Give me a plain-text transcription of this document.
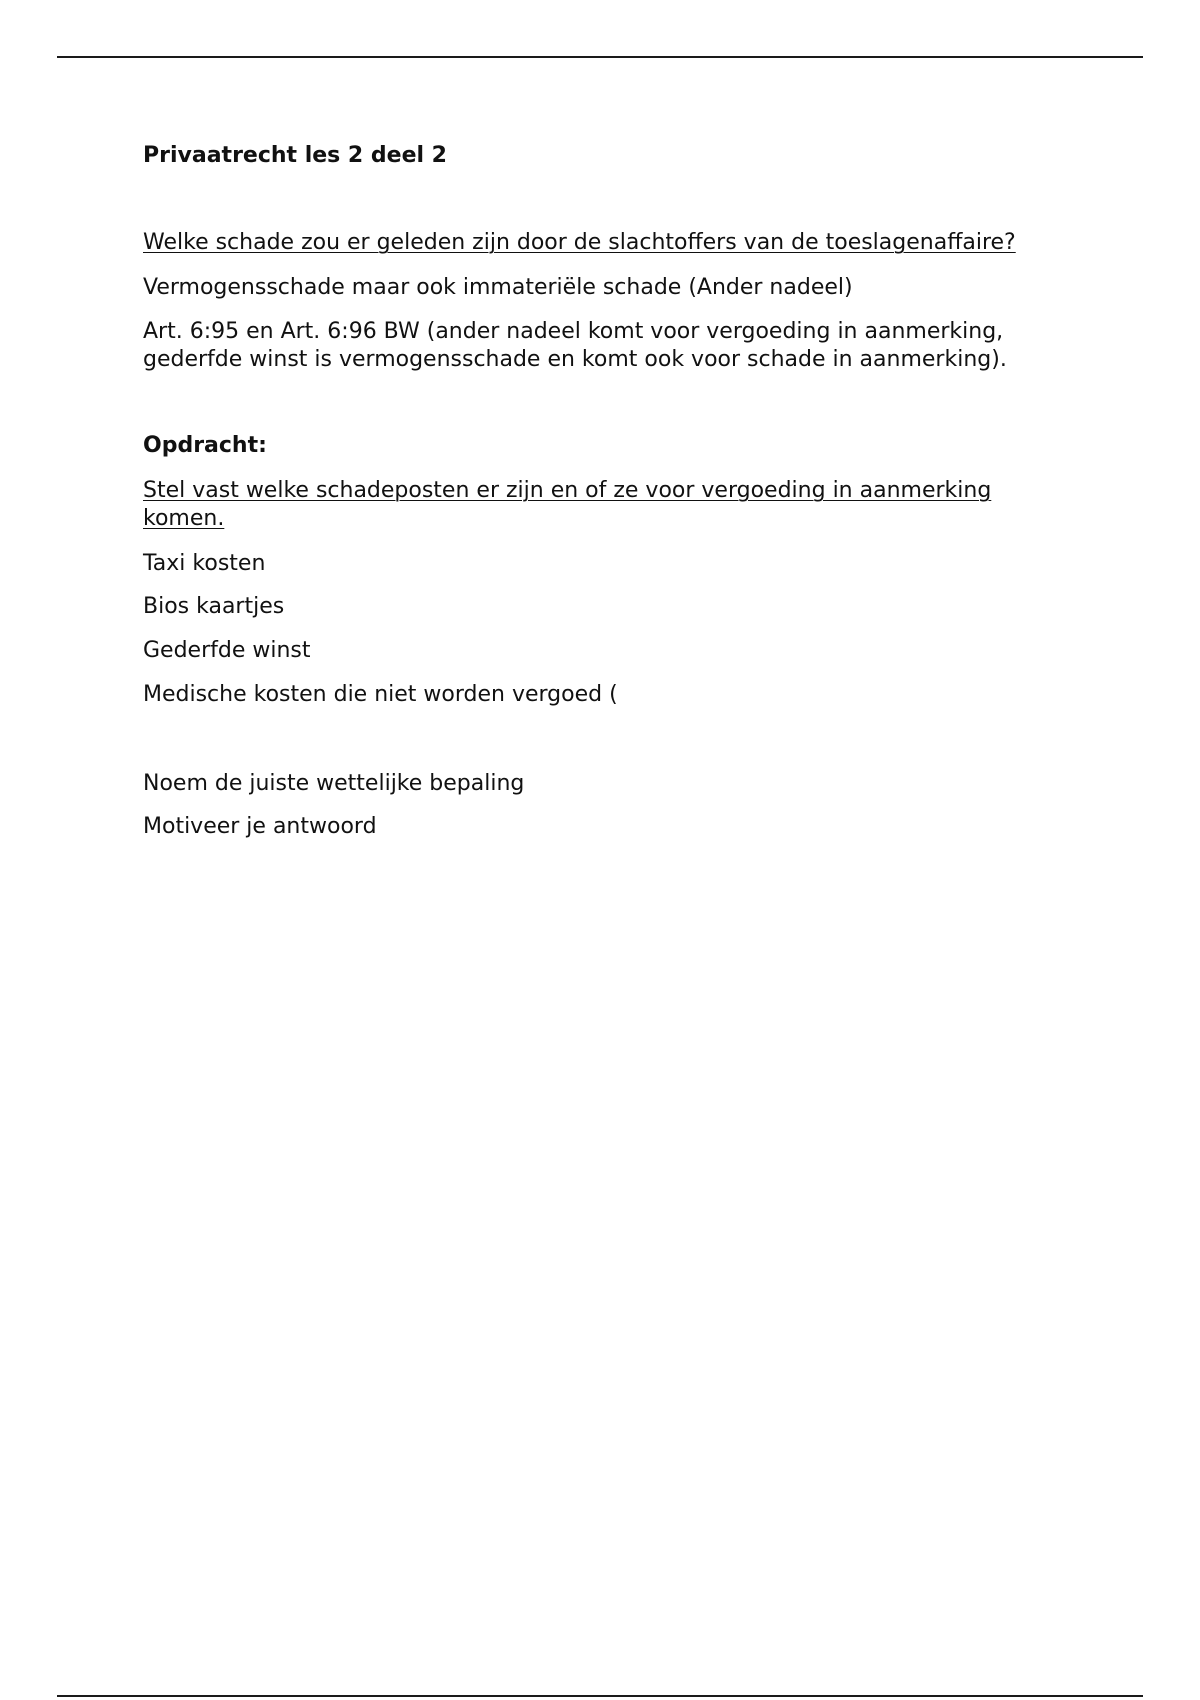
Privaatrecht les 2 deel 2

Welke schade zou er geleden zijn door de slachtoffers van de toeslagenaffaire?

Vermogensschade maar ook immateriële schade (Ander nadeel)

Art. 6:95 en Art. 6:96 BW (ander nadeel komt voor vergoeding in aanmerking,

gederfde winst is vermogensschade en komt ook voor schade in aanmerking).

Opdracht:

Stel vast welke schadeposten er zijn en of ze voor vergoeding in aanmerking

komen.

Taxi kosten

Bios kaartjes

Gederfde winst

Medische kosten die niet worden vergoed (

Noem de juiste wettelijke bepaling

Motiveer je antwoord
